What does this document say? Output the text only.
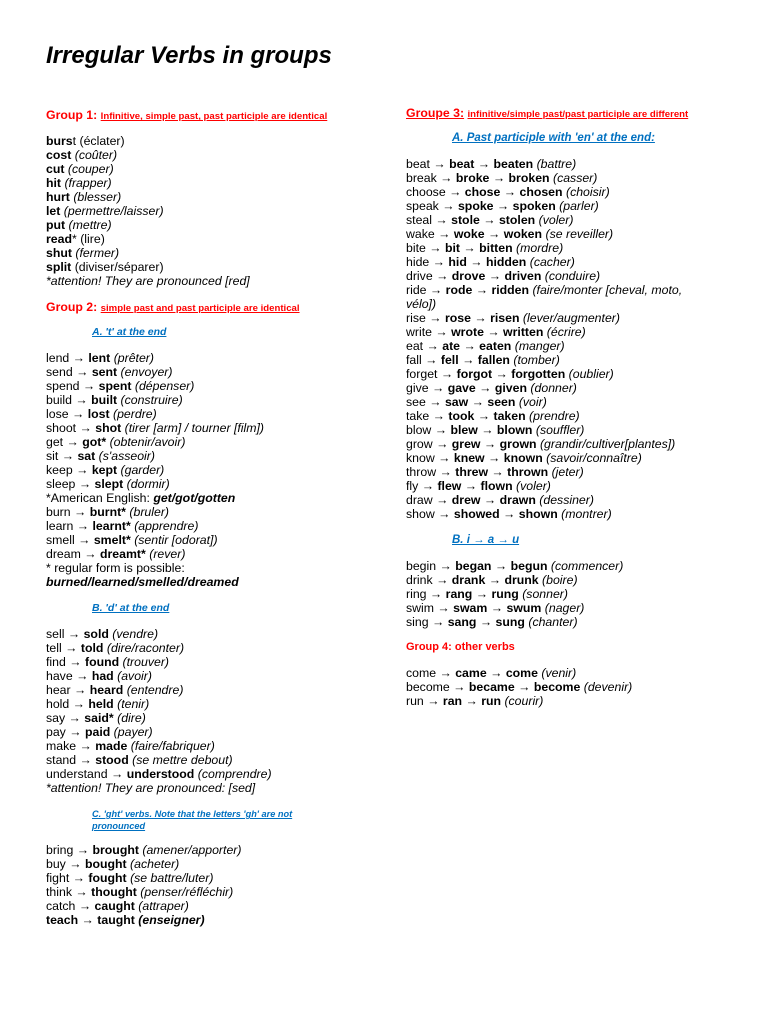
Irregular Verbs in groups
Group 1: Infinitive, simple past, past participle are identical
burst (éclater)
cost (coûter)
cut (couper)
hit (frapper)
hurt (blesser)
let (permettre/laisser)
put (mettre)
read* (lire)
shut (fermer)
split (diviser/séparer)
*attention! They are pronounced [red]
Group 2: simple past and past participle are identical
A. 't' at the end
lend → lent (prêter)
send → sent (envoyer)
spend → spent (dépenser)
build → built (construire)
lose → lost (perdre)
shoot → shot (tirer [arm] / tourner [film])
get → got* (obtenir/avoir)
sit → sat (s'asseoir)
keep → kept (garder)
sleep → slept (dormir)
*American English: get/got/gotten
burn → burnt* (bruler)
learn → learnt* (apprendre)
smell → smelt* (sentir [odorat])
dream → dreamt* (rever)
* regular form is possible:
burned/learned/smelled/dreamed
B. 'd' at the end
sell → sold (vendre)
tell → told (dire/raconter)
find → found (trouver)
have → had (avoir)
hear → heard (entendre)
hold → held (tenir)
say → said* (dire)
pay → paid (payer)
make → made (faire/fabriquer)
stand → stood (se mettre debout)
understand → understood (comprendre)
*attention! They are pronounced: [sed]
C. 'ght' verbs. Note that the letters 'gh' are not pronounced
bring → brought (amener/apporter)
buy → bought (acheter)
fight → fought (se battre/luter)
think → thought (penser/réfléchir)
catch → caught (attraper)
teach → taught (enseigner)
Groupe 3: infinitive/simple past/past participle are different
A. Past participle with 'en' at the end:
beat → beat → beaten (battre)
break → broke → broken (casser)
choose → chose → chosen (choisir)
speak → spoke → spoken (parler)
steal → stole → stolen (voler)
wake → woke → woken (se reveiller)
bite → bit → bitten (mordre)
hide → hid → hidden (cacher)
drive → drove → driven (conduire)
ride → rode → ridden (faire/monter [cheval, moto, vélo])
rise → rose → risen (lever/augmenter)
write → wrote → written (écrire)
eat → ate → eaten (manger)
fall → fell → fallen (tomber)
forget → forgot → forgotten (oublier)
give → gave → given (donner)
see → saw → seen (voir)
take → took → taken (prendre)
blow → blew → blown (souffler)
grow → grew → grown (grandir/cultiver[plantes])
know → knew → known (savoir/connaître)
throw → threw → thrown (jeter)
fly → flew → flown (voler)
draw → drew → drawn (dessiner)
show → showed → shown (montrer)
B. i → a → u
begin → began → begun (commencer)
drink → drank → drunk (boire)
ring → rang → rung (sonner)
swim → swam → swum (nager)
sing → sang → sung (chanter)
Group 4: other verbs
come → came → come (venir)
become → became → become (devenir)
run → ran → run (courir)
